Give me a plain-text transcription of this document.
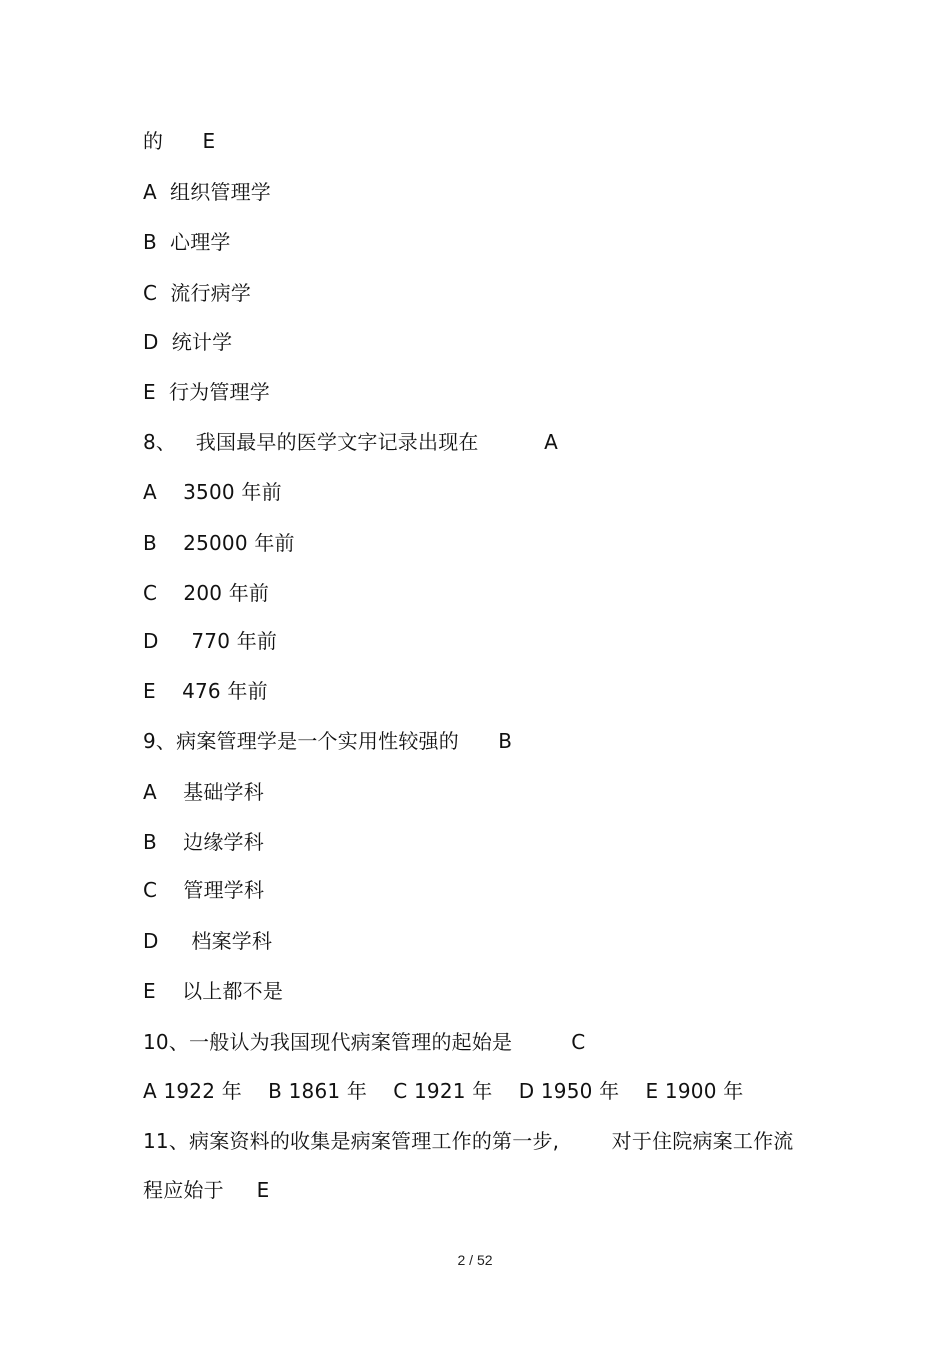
的      E
A  组织管理学
B  心理学
C  流行病学
D  统计学
E  行为管理学
8、   我国最早的医学文字记录出现在          A
A    3500 年前
B    25000 年前
C    200 年前
D     770 年前
E    476 年前
9、病案管理学是一个实用性较强的      B
A    基础学科
B    边缘学科
C    管理学科
D     档案学科
E    以上都不是
10、一般认为我国现代病案管理的起始是         C
A 1922 年    B 1861 年    C 1921 年    D 1950 年    E 1900 年
11、病案资料的收集是病案管理工作的第一步,        对于住院病案工作流
程应始于     E
2 / 52
